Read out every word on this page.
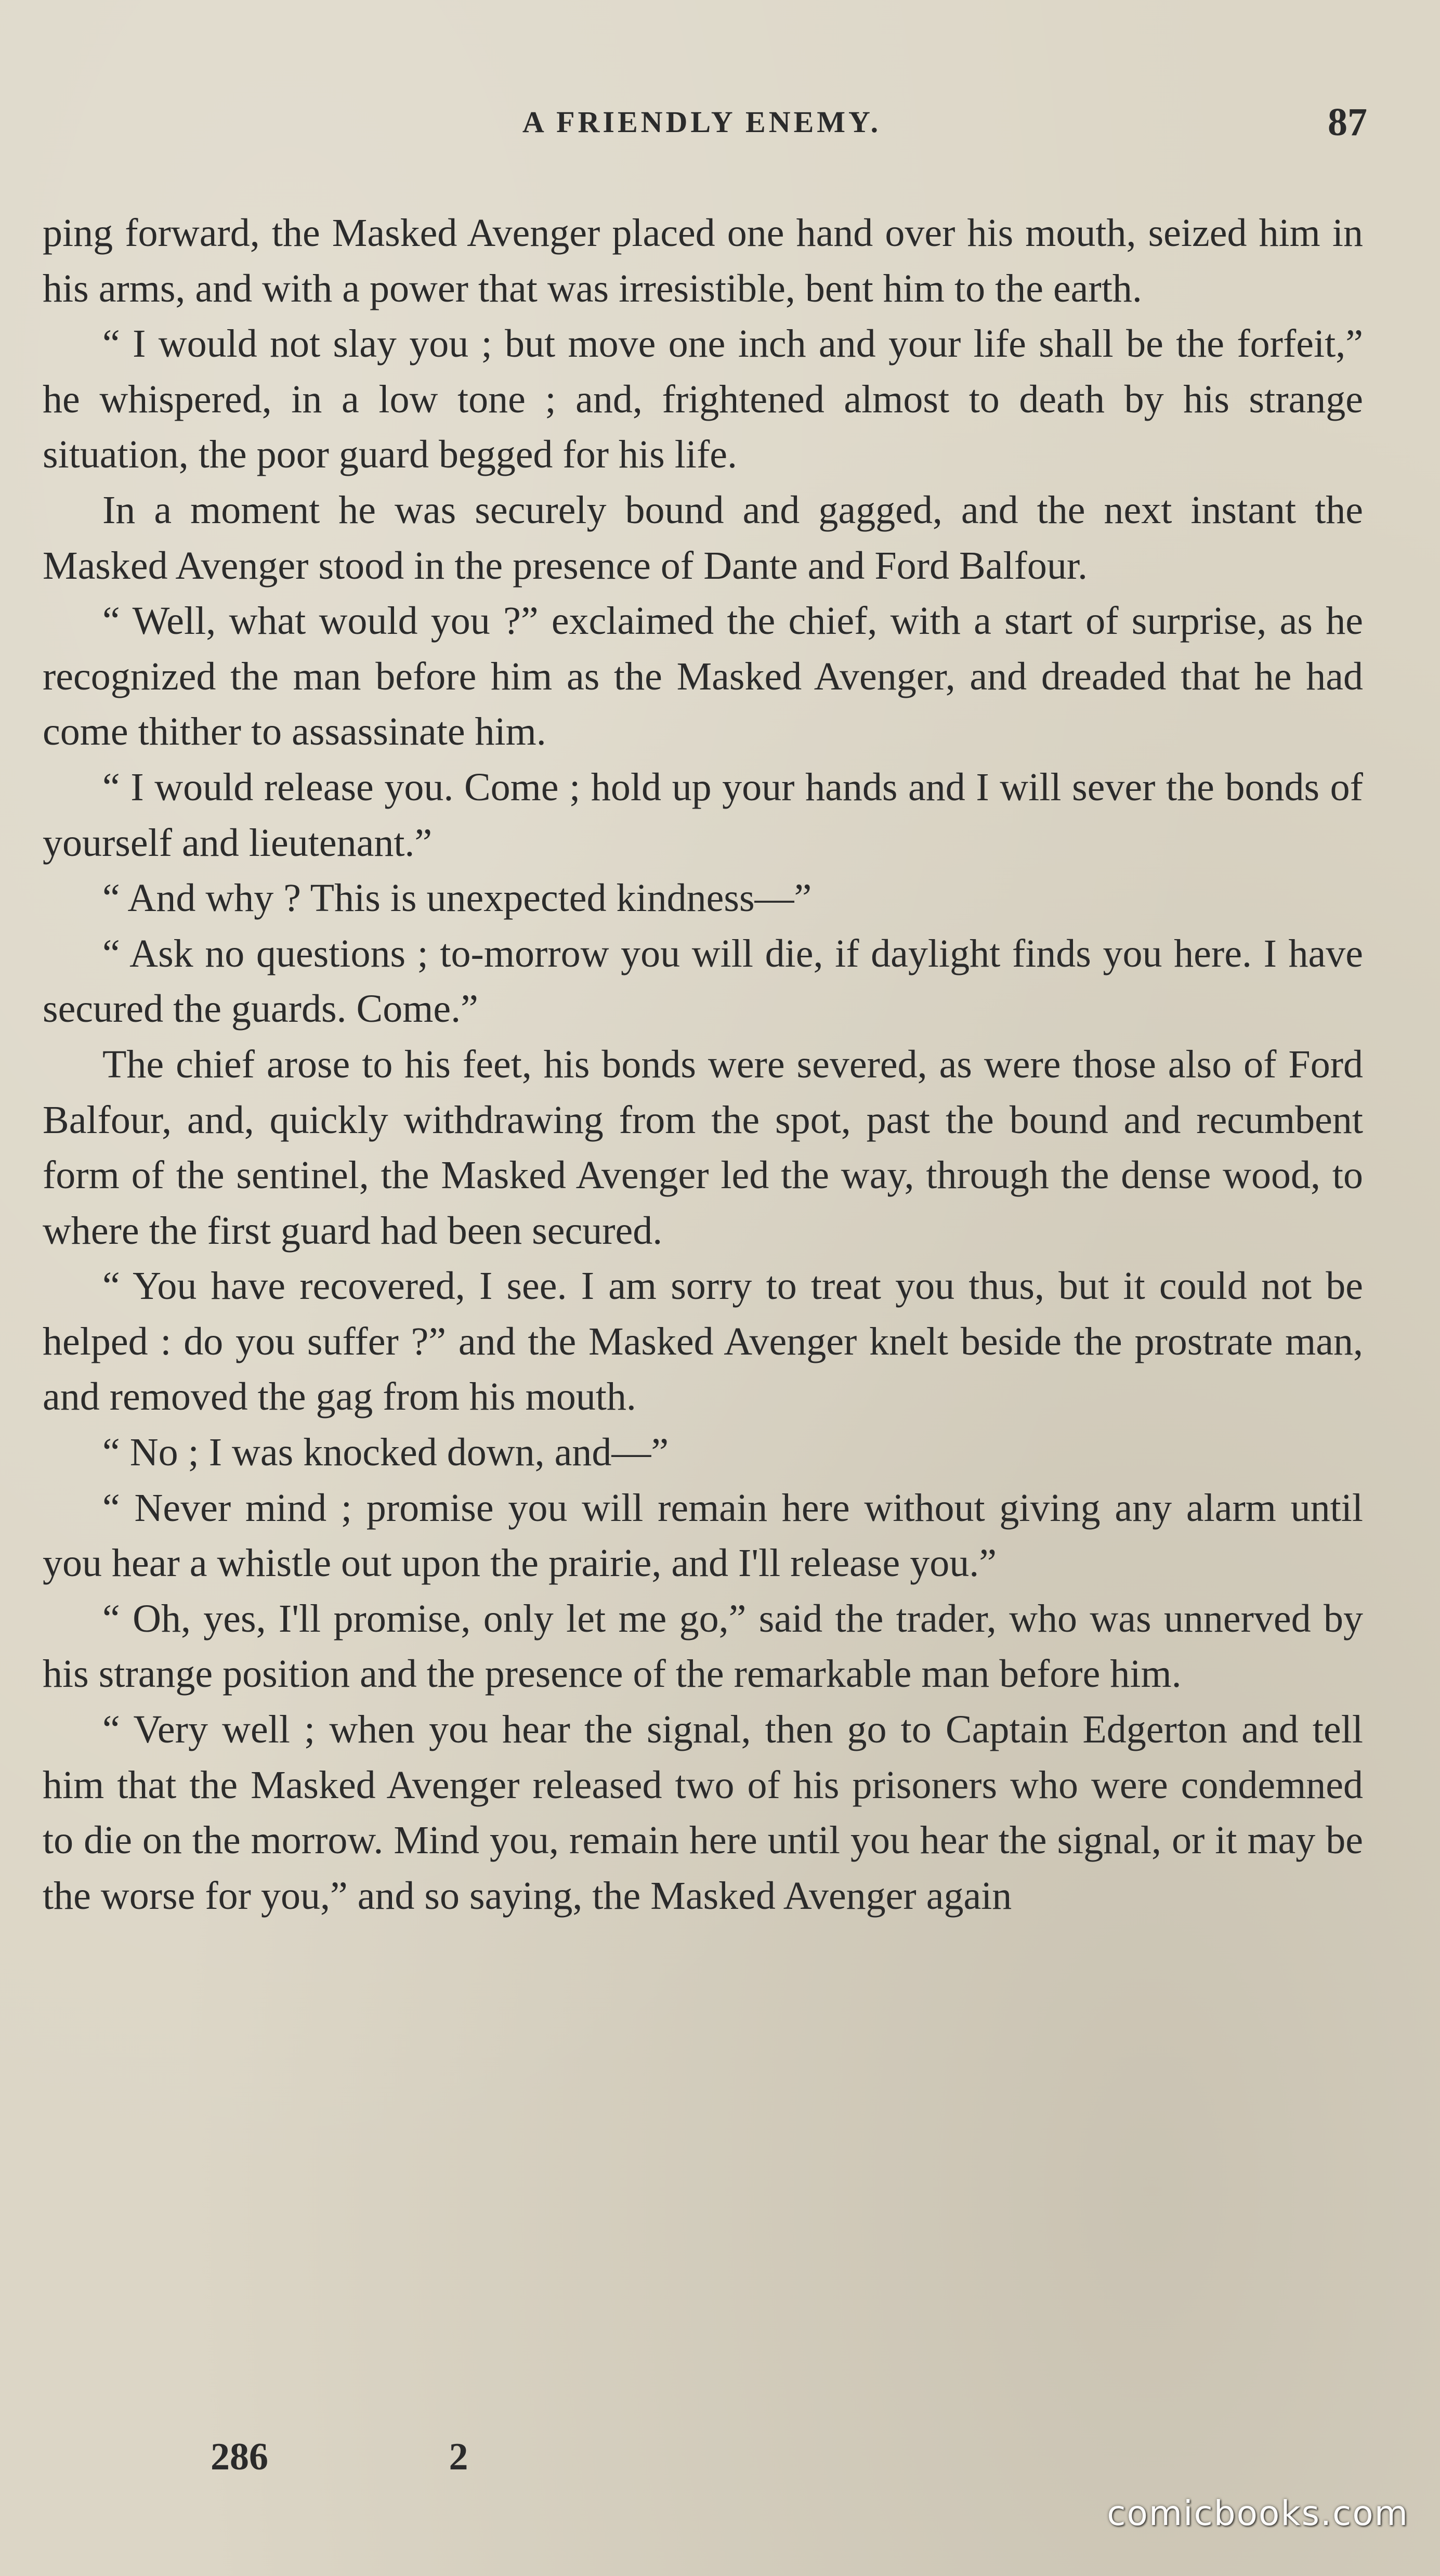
A FRIENDLY ENEMY.	87

ping forward, the Masked Avenger placed one hand over his mouth, seized him in his arms, and with a power that was irresistible, bent him to the earth.

“ I would not slay you ; but move one inch and your life shall be the forfeit,” he whispered, in a low tone ; and, frightened almost to death by his strange situation, the poor guard begged for his life.

In a moment he was securely bound and gagged, and the next instant the Masked Avenger stood in the presence of Dante and Ford Balfour.

“ Well, what would you ?” exclaimed the chief, with a start of surprise, as he recognized the man before him as the Masked Avenger, and dreaded that he had come thither to assassinate him.

“ I would release you. Come ; hold up your hands and I will sever the bonds of yourself and lieutenant.”

“ And why ? This is unexpected kindness—”

“ Ask no questions ; to-morrow you will die, if daylight finds you here. I have secured the guards. Come.”

The chief arose to his feet, his bonds were severed, as were those also of Ford Balfour, and, quickly withdrawing from the spot, past the bound and recumbent form of the sentinel, the Masked Avenger led the way, through the dense wood, to where the first guard had been secured.

“ You have recovered, I see. I am sorry to treat you thus, but it could not be helped : do you suffer ?” and the Masked Avenger knelt beside the prostrate man, and removed the gag from his mouth.

“ No ; I was knocked down, and—”

“ Never mind ; promise you will remain here without giving any alarm until you hear a whistle out upon the prairie, and I'll release you.”

“ Oh, yes, I'll promise, only let me go,” said the trader, who was unnerved by his strange position and the presence of the remarkable man before him.

“ Very well ; when you hear the signal, then go to Captain Edgerton and tell him that the Masked Avenger released two of his prisoners who were condemned to die on the morrow. Mind you, remain here until you hear the signal, or it may be the worse for you,” and so saying, the Masked Avenger again

286	2
comicbooks.com
